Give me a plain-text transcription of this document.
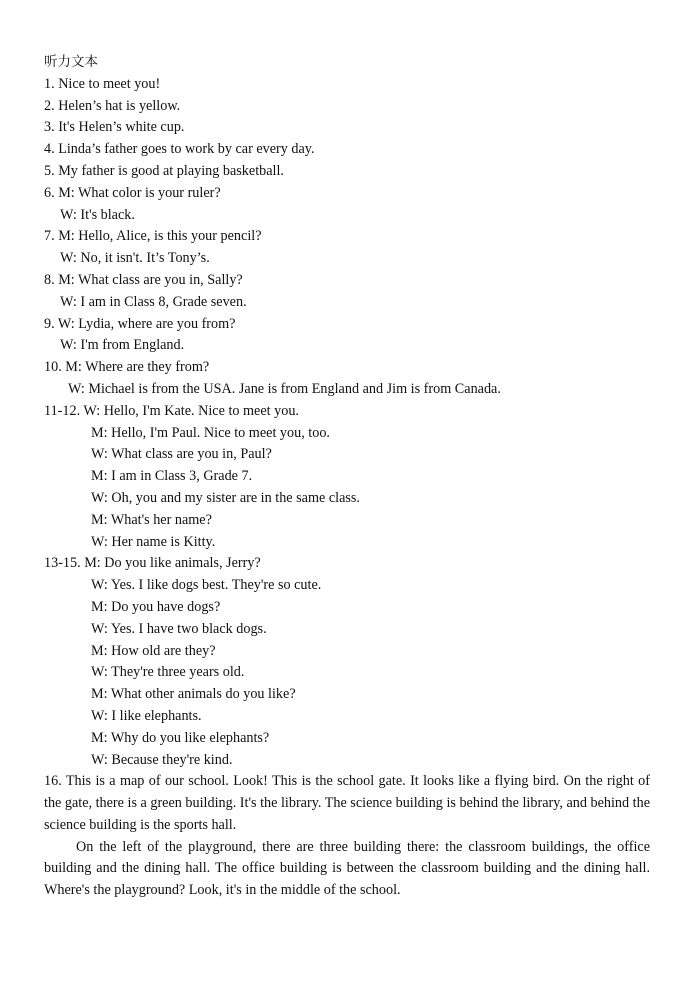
听力文本
1. Nice to meet you!
2. Helen’s hat is yellow.
3. It's Helen’s white cup.
4. Linda’s father goes to work by car every day.
5. My father is good at playing basketball.
6. M: What color is your ruler?
W: It's black.
7. M: Hello, Alice, is this your pencil?
W: No, it isn't. It’s Tony’s.
8. M: What class are you in, Sally?
W: I am in Class 8, Grade seven.
9. W: Lydia, where are you from?
W: I'm from England.
10. M: Where are they from?
W: Michael is from the USA. Jane is from England and Jim is from Canada.
11-12. W: Hello, I'm Kate. Nice to meet you.
M: Hello, I'm Paul. Nice to meet you, too.
W: What class are you in, Paul?
M: I am in Class 3, Grade 7.
W: Oh, you and my sister are in the same class.
M: What's her name?
W: Her name is Kitty.
13-15. M: Do you like animals, Jerry?
W: Yes. I like dogs best. They're so cute.
M: Do you have dogs?
W: Yes. I have two black dogs.
M: How old are they?
W: They're three years old.
M: What other animals do you like?
W: I like elephants.
M: Why do you like elephants?
W: Because they're kind.
16. This is a map of our school. Look! This is the school gate. It looks like a flying bird. On the right of the gate, there is a green building. It's the library. The science building is behind the library, and behind the science building is the sports hall.
On the left of the playground, there are three building there: the classroom buildings, the office building and the dining hall. The office building is between the classroom building and the dining hall. Where's the playground? Look, it's in the middle of the school.
